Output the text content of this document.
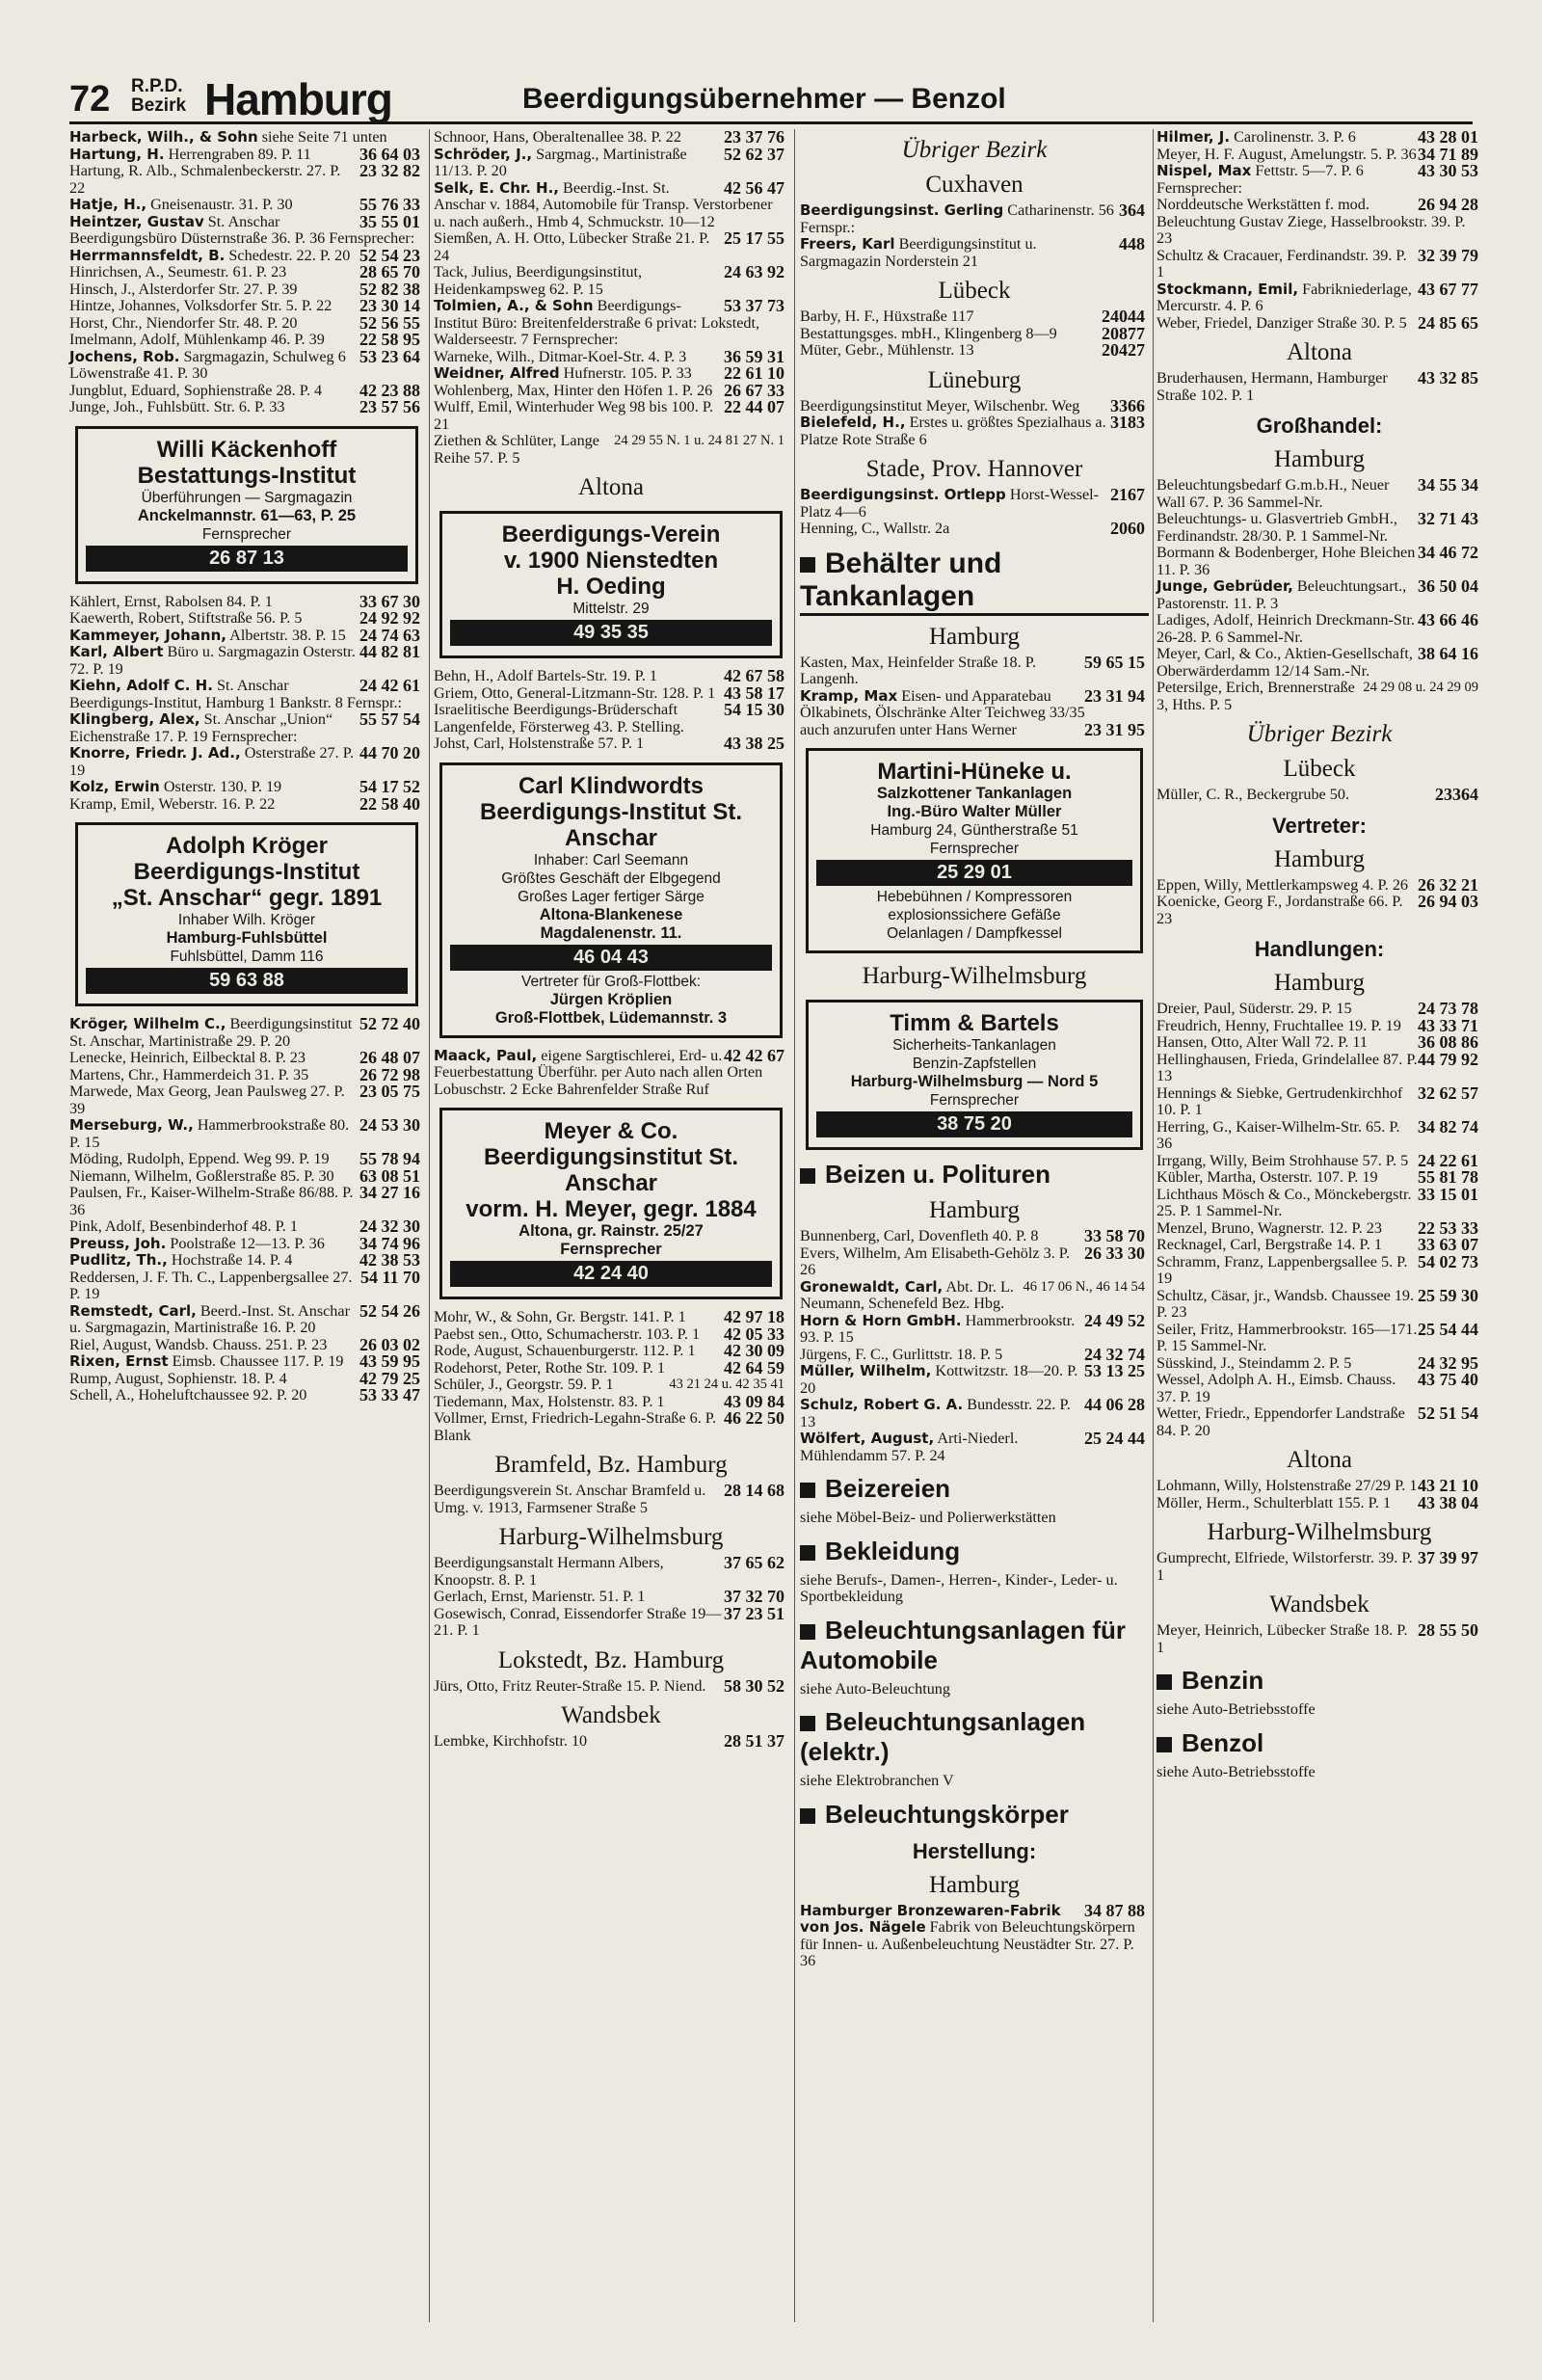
72 R.P.D.
Bezirk Hamburg	Beerdigungsübernehmer — Benzol

Harbeck, Wilh., & Sohn siehe Seite 71 unten

36 64 03
Hartung, H. Herrengraben 89. P. 11

23 32 82
Hartung, R. Alb., Schmalenbeckerstr. 27. P. 22

55 76 33
Hatje, H., Gneisenaustr. 31. P. 30

35 55 01
Heintzer, Gustav St. Anschar Beerdigungsbüro Düsternstraße 36. P. 36 Fernsprecher:

52 54 23
Herrmannsfeldt, B. Schedestr. 22. P. 20

28 65 70
Hinrichsen, A., Seumestr. 61. P. 23

52 82 38
Hinsch, J., Alsterdorfer Str. 27. P. 39

23 30 14
Hintze, Johannes, Volksdorfer Str. 5. P. 22

52 56 55
Horst, Chr., Niendorfer Str. 48. P. 20

22 58 95
Imelmann, Adolf, Mühlenkamp 46. P. 39

53 23 64
Jochens, Rob. Sargmagazin, Schulweg 6 Löwenstraße 41. P. 30

42 23 88
Jungblut, Eduard, Sophienstraße 28. P. 4

23 57 56
Junge, Joh., Fuhlsbütt. Str. 6. P. 33

Willi Käckenhoff
Bestattungs-Institut
Überführungen — Sargmagazin
Anckelmannstr. 61—63, P. 25
Fernsprecher
26 87 13

33 67 30
Kählert, Ernst, Rabolsen 84. P. 1

24 92 92
Kaewerth, Robert, Stiftstraße 56. P. 5

24 74 63
Kammeyer, Johann, Albertstr. 38. P. 15

44 82 81
Karl, Albert Büro u. Sargmagazin Osterstr. 72. P. 19

24 42 61
Kiehn, Adolf C. H. St. Anschar Beerdigungs-Institut, Hamburg 1 Bankstr. 8 Fernspr.:

55 57 54
Klingberg, Alex, St. Anschar „Union“ Eichenstraße 17. P. 19 Fernsprecher:

44 70 20
Knorre, Friedr. J. Ad., Osterstraße 27. P. 19

54 17 52
Kolz, Erwin Osterstr. 130. P. 19

22 58 40
Kramp, Emil, Weberstr. 16. P. 22

Adolph Kröger
Beerdigungs-Institut
„St. Anschar“ gegr. 1891
Inhaber Wilh. Kröger
Hamburg-Fuhlsbüttel
Fuhlsbüttel, Damm 116
59 63 88

52 72 40
Kröger, Wilhelm C., Beerdigungsinstitut St. Anschar, Martinistraße 29. P. 20

26 48 07
Lenecke, Heinrich, Eilbecktal 8. P. 23

26 72 98
Martens, Chr., Hammerdeich 31. P. 35

23 05 75
Marwede, Max Georg, Jean Paulsweg 27. P. 39

24 53 30
Merseburg, W., Hammerbrookstraße 80. P. 15

55 78 94
Möding, Rudolph, Eppend. Weg 99. P. 19

63 08 51
Niemann, Wilhelm, Goßlerstraße 85. P. 30

34 27 16
Paulsen, Fr., Kaiser-Wilhelm-Straße 86/88. P. 36

24 32 30
Pink, Adolf, Besenbinderhof 48. P. 1

34 74 96
Preuss, Joh. Poolstraße 12—13. P. 36

42 38 53
Pudlitz, Th., Hochstraße 14. P. 4

54 11 70
Reddersen, J. F. Th. C., Lappenbergsallee 27. P. 19

52 54 26
Remstedt, Carl, Beerd.-Inst. St. Anschar u. Sargmagazin, Martinistraße 16. P. 20

26 03 02
Riel, August, Wandsb. Chauss. 251. P. 23

43 59 95
Rixen, Ernst Eimsb. Chaussee 117. P. 19

42 79 25
Rump, August, Sophienstr. 18. P. 4

53 33 47
Schell, A., Hoheluftchaussee 92. P. 20

23 37 76
Schnoor, Hans, Oberaltenallee 38. P. 22

52 62 37
Schröder, J., Sargmag., Martinistraße 11/13. P. 20

42 56 47
Selk, E. Chr. H., Beerdig.-Inst. St. Anschar v. 1884, Automobile für Transp. Verstorbener u. nach außerh., Hmb 4, Schmuckstr. 10—12

25 17 55
Siemßen, A. H. Otto, Lübecker Straße 21. P. 24

24 63 92
Tack, Julius, Beerdigungsinstitut, Heidenkampsweg 62. P. 15

53 37 73
Tolmien, A., & Sohn Beerdigungs-Institut Büro: Breitenfelderstraße 6 privat: Lokstedt, Walderseestr. 7 Fernsprecher:

36 59 31
Warneke, Wilh., Ditmar-Koel-Str. 4. P. 3

22 61 10
Weidner, Alfred Hufnerstr. 105. P. 33

26 67 33
Wohlenberg, Max, Hinter den Höfen 1. P. 26

22 44 07
Wulff, Emil, Winterhuder Weg 98 bis 100. P. 21

24 29 55 N. 1 u. 24 81 27 N. 1
Ziethen & Schlüter, Lange Reihe 57. P. 5

Altona
Beerdigungs-Verein
v. 1900 Nienstedten
H. Oeding
Mittelstr. 29
49 35 35

42 67 58
Behn, H., Adolf Bartels-Str. 19. P. 1

43 58 17
Griem, Otto, General-Litzmann-Str. 128. P. 1

54 15 30
Israelitische Beerdigungs-Brüderschaft Langenfelde, Försterweg 43. P. Stelling.

43 38 25
Johst, Carl, Holstenstraße 57. P. 1

Carl Klindwordts
Beerdigungs-Institut St. Anschar
Inhaber: Carl Seemann
Größtes Geschäft der Elbgegend
Großes Lager fertiger Särge
Altona-Blankenese
Magdalenenstr. 11.
46 04 43
Vertreter für Groß-Flottbek:
Jürgen Kröplien
Groß-Flottbek, Lüdemannstr. 3

42 42 67
Maack, Paul, eigene Sargtischlerei, Erd- u. Feuerbestattung Überführ. per Auto nach allen Orten Lobuschstr. 2 Ecke Bahrenfelder Straße Ruf

Meyer & Co.
Beerdigungsinstitut St. Anschar
vorm. H. Meyer, gegr. 1884
Altona, gr. Rainstr. 25/27
Fernsprecher
42 24 40

42 97 18
Mohr, W., & Sohn, Gr. Bergstr. 141. P. 1

42 05 33
Paebst sen., Otto, Schumacherstr. 103. P. 1

42 30 09
Rode, August, Schauenburgerstr. 112. P. 1

42 64 59
Rodehorst, Peter, Rothe Str. 109. P. 1

43 21 24 u. 42 35 41
Schüler, J., Georgstr. 59. P. 1

43 09 84
Tiedemann, Max, Holstenstr. 83. P. 1

46 22 50
Vollmer, Ernst, Friedrich-Legahn-Straße 6. P. Blank

Bramfeld, Bz. Hamburg

28 14 68
Beerdigungsverein St. Anschar Bramfeld u. Umg. v. 1913, Farmsener Straße 5

Harburg-Wilhelmsburg

37 65 62
Beerdigungsanstalt Hermann Albers, Knoopstr. 8. P. 1

37 32 70
Gerlach, Ernst, Marienstr. 51. P. 1

37 23 51
Gosewisch, Conrad, Eissendorfer Straße 19—21. P. 1

Lokstedt, Bz. Hamburg

58 30 52
Jürs, Otto, Fritz Reuter-Straße 15. P. Niend.

Wandsbek

28 51 37
Lembke, Kirchhofstr. 10

Übriger Bezirk
Cuxhaven

364
Beerdigungsinst. Gerling Catharinenstr. 56 Fernspr.:

448
Freers, Karl Beerdigungsinstitut u. Sargmagazin Norderstein 21

Lübeck

24044
Barby, H. F., Hüxstraße 117

20877
Bestattungsges. mbH., Klingenberg 8—9

20427
Müter, Gebr., Mühlenstr. 13

Lüneburg

3366
Beerdigungsinstitut Meyer, Wilschenbr. Weg

3183
Bielefeld, H., Erstes u. größtes Spezialhaus a. Platze Rote Straße 6

Stade, Prov. Hannover

2167
Beerdigungsinst. Ortlepp Horst-Wessel-Platz 4—6

2060
Henning, C., Wallstr. 2a

Behälter und Tankanlagen
Hamburg

59 65 15
Kasten, Max, Heinfelder Straße 18. P. Langenh.

23 31 94
Kramp, Max Eisen- und Apparatebau Ölkabinets, Ölschränke Alter Teichweg 33/35

23 31 95
auch anzurufen unter Hans Werner

Martini-Hüneke u.
Salzkottener Tankanlagen
Ing.-Büro Walter Müller
Hamburg 24, Güntherstraße 51
Fernsprecher
25 29 01
Hebebühnen / Kompressoren
explosionssichere Gefäße
Oelanlagen / Dampfkessel
Harburg-Wilhelmsburg
Timm & Bartels
Sicherheits-Tankanlagen
Benzin-Zapfstellen
Harburg-Wilhelmsburg — Nord 5
Fernsprecher
38 75 20
Beizen u. Polituren
Hamburg

33 58 70
Bunnenberg, Carl, Dovenfleth 40. P. 8

26 33 30
Evers, Wilhelm, Am Elisabeth-Gehölz 3. P. 26

46 17 06 N., 46 14 54
Gronewaldt, Carl, Abt. Dr. L. Neumann, Schenefeld Bez. Hbg.

24 49 52
Horn & Horn GmbH. Hammerbrookstr. 93. P. 15

24 32 74
Jürgens, F. C., Gurlittstr. 18. P. 5

53 13 25
Müller, Wilhelm, Kottwitzstr. 18—20. P. 20

44 06 28
Schulz, Robert G. A. Bundesstr. 22. P. 13

25 24 44
Wölfert, August, Arti-Niederl. Mühlendamm 57. P. 24

Beizereien

siehe Möbel-Beiz- und Polierwerkstätten

Bekleidung

siehe Berufs-, Damen-, Herren-, Kinder-, Leder- u. Sportbekleidung

Beleuchtungsanlagen für Automobile

siehe Auto-Beleuchtung

Beleuchtungsanlagen (elektr.)

siehe Elektrobranchen V

Beleuchtungskörper
Herstellung:
Hamburg

34 87 88
Hamburger Bronzewaren-Fabrik von Jos. Nägele Fabrik von Beleuchtungskörpern für Innen- u. Außenbeleuchtung Neustädter Str. 27. P. 36

43 28 01
Hilmer, J. Carolinenstr. 3. P. 6

34 71 89
Meyer, H. F. August, Amelungstr. 5. P. 36

43 30 53
Nispel, Max Fettstr. 5—7. P. 6 Fernsprecher:

26 94 28
Norddeutsche Werkstätten f. mod. Beleuchtung Gustav Ziege, Hasselbrookstr. 39. P. 23

32 39 79
Schultz & Cracauer, Ferdinandstr. 39. P. 1

43 67 77
Stockmann, Emil, Fabrikniederlage, Mercurstr. 4. P. 6

24 85 65
Weber, Friedel, Danziger Straße 30. P. 5

Altona

43 32 85
Bruderhausen, Hermann, Hamburger Straße 102. P. 1

Großhandel:
Hamburg

34 55 34
Beleuchtungsbedarf G.m.b.H., Neuer Wall 67. P. 36 Sammel-Nr.

32 71 43
Beleuchtungs- u. Glasvertrieb GmbH., Ferdinandstr. 28/30. P. 1 Sammel-Nr.

34 46 72
Bormann & Bodenberger, Hohe Bleichen 11. P. 36

36 50 04
Junge, Gebrüder, Beleuchtungsart., Pastorenstr. 11. P. 3

43 66 46
Ladiges, Adolf, Heinrich Dreckmann-Str. 26-28. P. 6 Sammel-Nr.

38 64 16
Meyer, Carl, & Co., Aktien-Gesellschaft, Oberwärderdamm 12/14 Sam.-Nr.

24 29 08 u. 24 29 09
Petersilge, Erich, Brennerstraße 3, Hths. P. 5

Übriger Bezirk
Lübeck

23364
Müller, C. R., Beckergrube 50.

Vertreter:
Hamburg

26 32 21
Eppen, Willy, Mettlerkampsweg 4. P. 26

26 94 03
Koenicke, Georg F., Jordanstraße 66. P. 23

Handlungen:
Hamburg

24 73 78
Dreier, Paul, Süderstr. 29. P. 15

43 33 71
Freudrich, Henny, Fruchtallee 19. P. 19

36 08 86
Hansen, Otto, Alter Wall 72. P. 11

44 79 92
Hellinghausen, Frieda, Grindelallee 87. P. 13

32 62 57
Hennings & Siebke, Gertrudenkirchhof 10. P. 1

34 82 74
Herring, G., Kaiser-Wilhelm-Str. 65. P. 36

24 22 61
Irrgang, Willy, Beim Strohhause 57. P. 5

55 81 78
Kübler, Martha, Osterstr. 107. P. 19

33 15 01
Lichthaus Mösch & Co., Mönckebergstr. 25. P. 1 Sammel-Nr.

22 53 33
Menzel, Bruno, Wagnerstr. 12. P. 23

33 63 07
Recknagel, Carl, Bergstraße 14. P. 1

54 02 73
Schramm, Franz, Lappenbergsallee 5. P. 19

25 59 30
Schultz, Cäsar, jr., Wandsb. Chaussee 19. P. 23

25 54 44
Seiler, Fritz, Hammerbrookstr. 165—171. P. 15 Sammel-Nr.

24 32 95
Süsskind, J., Steindamm 2. P. 5

43 75 40
Wessel, Adolph A. H., Eimsb. Chauss. 37. P. 19

52 51 54
Wetter, Friedr., Eppendorfer Landstraße 84. P. 20

Altona

43 21 10
Lohmann, Willy, Holstenstraße 27/29 P. 1

43 38 04
Möller, Herm., Schulterblatt 155. P. 1

Harburg-Wilhelmsburg

37 39 97
Gumprecht, Elfriede, Wilstorferstr. 39. P. 1

Wandsbek

28 55 50
Meyer, Heinrich, Lübecker Straße 18. P. 1

Benzin

siehe Auto-Betriebsstoffe

Benzol

siehe Auto-Betriebsstoffe
